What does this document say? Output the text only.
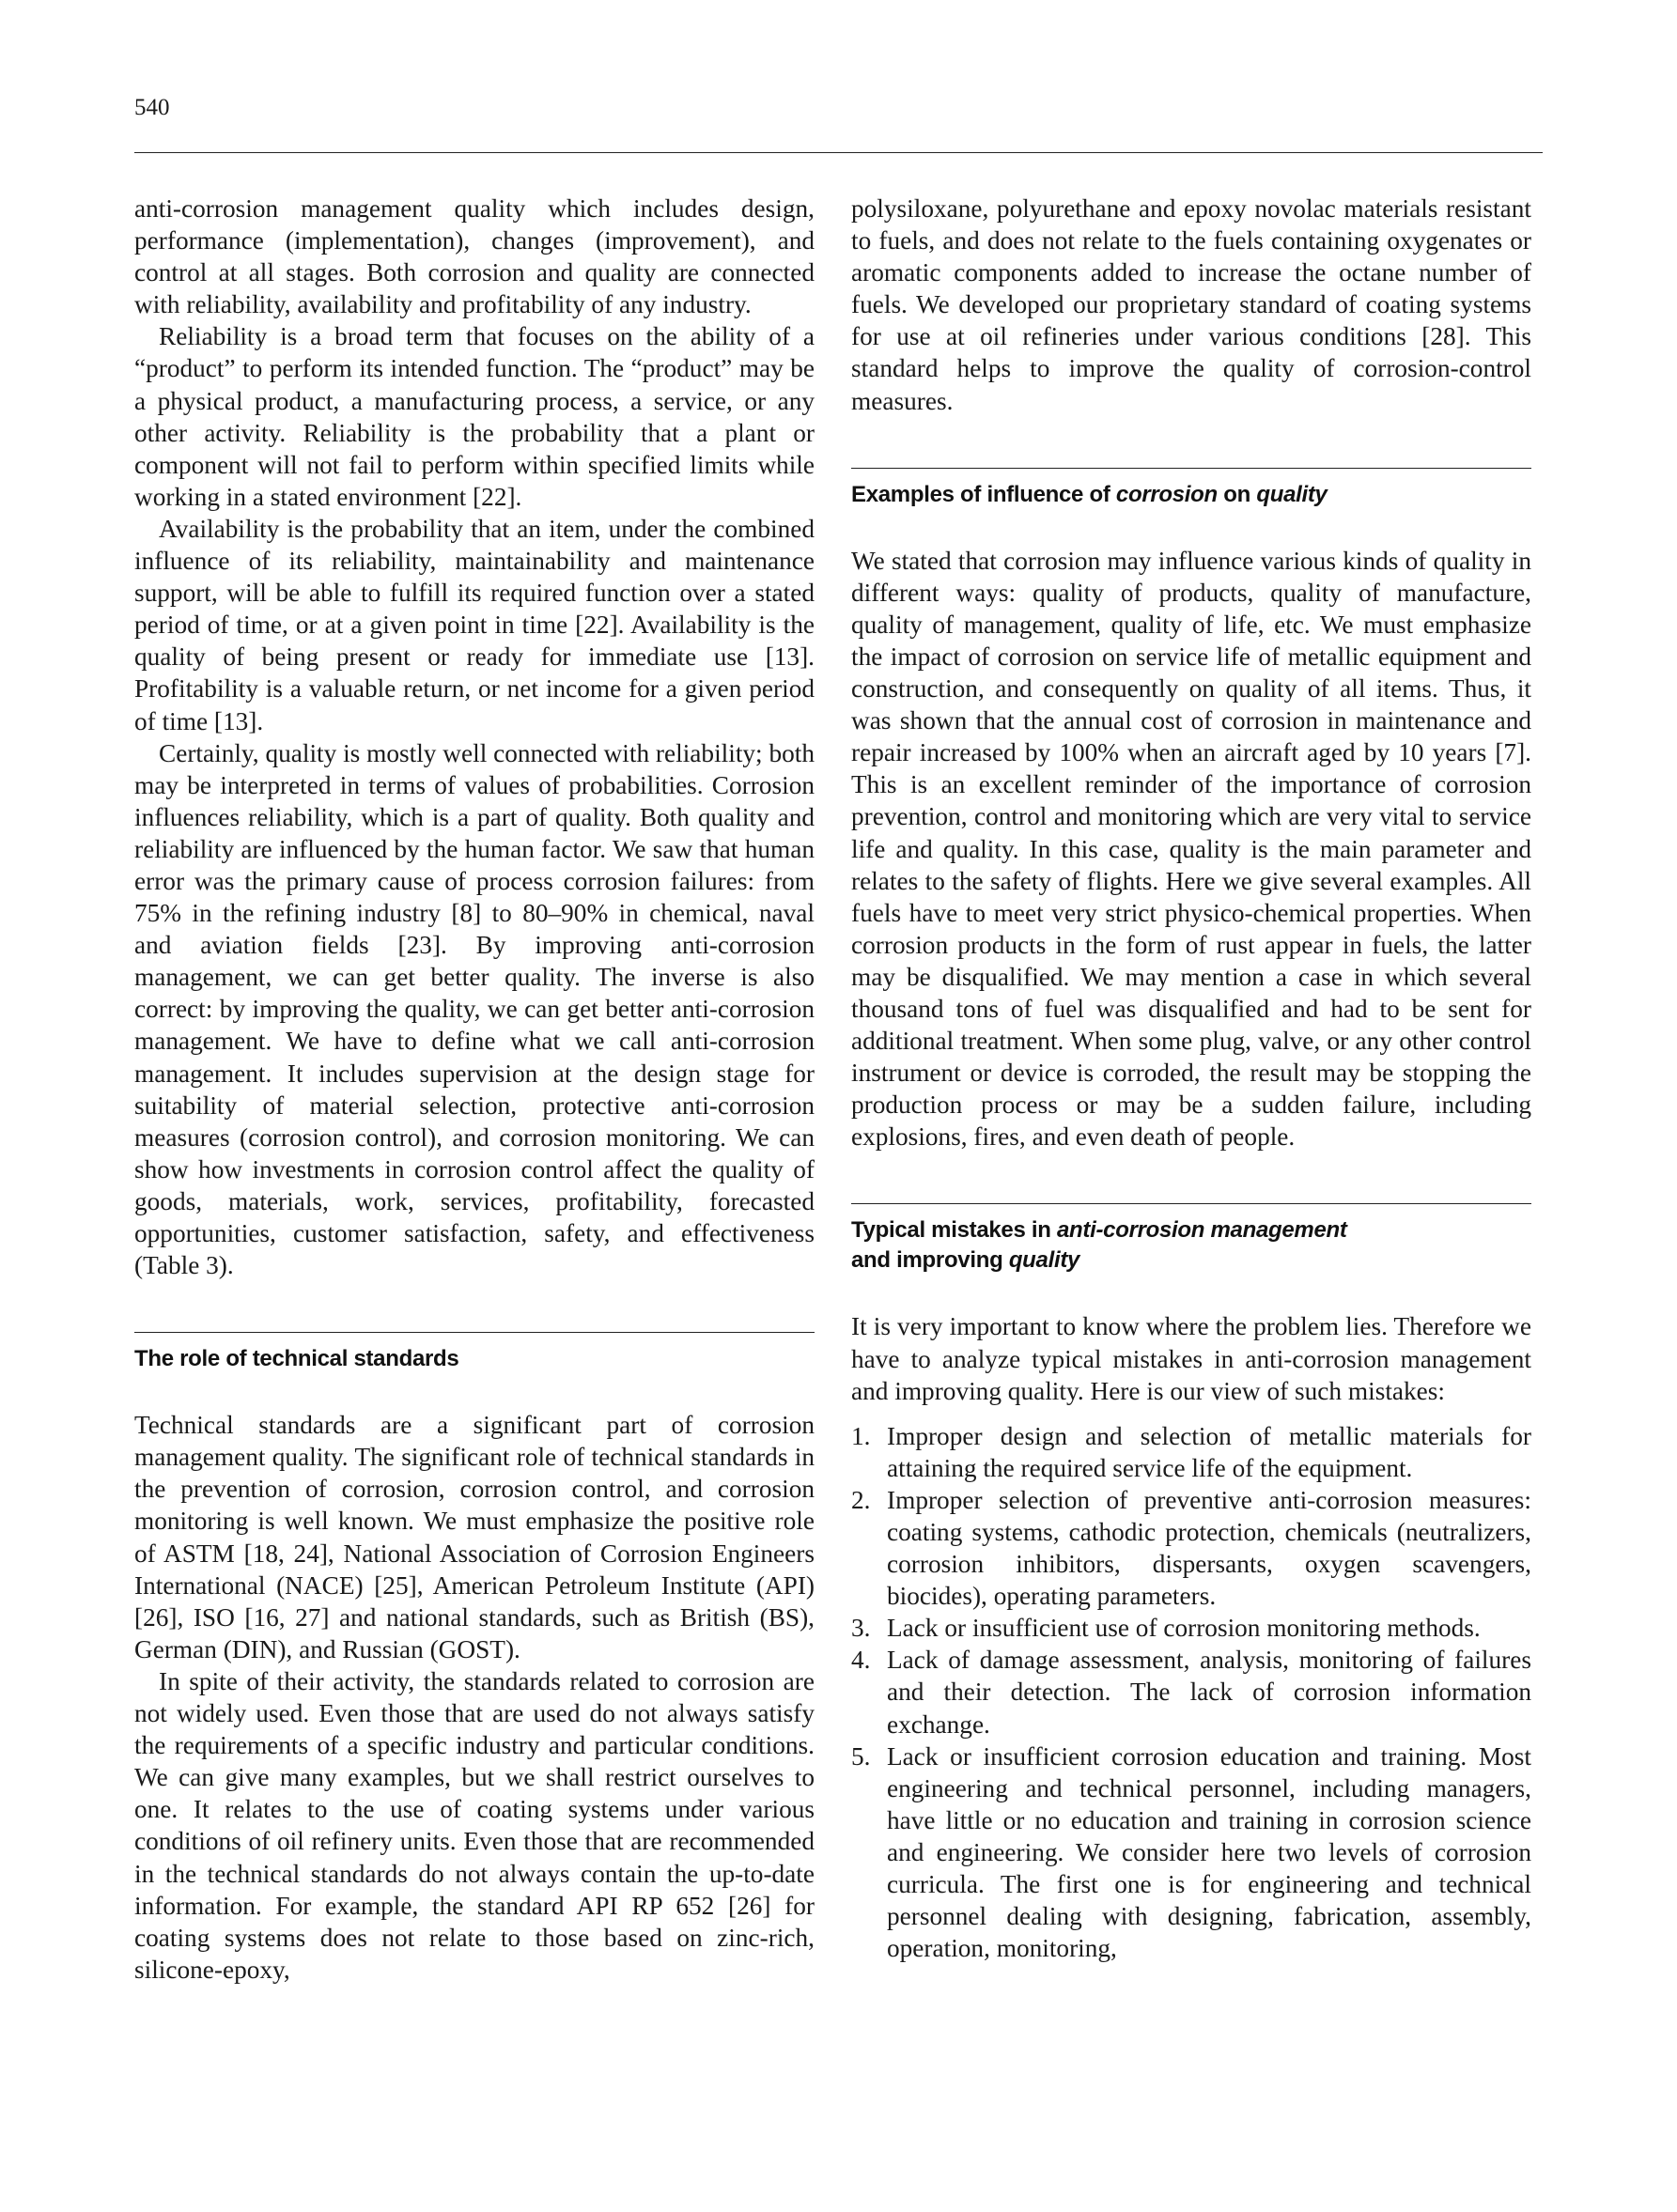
540

anti-corrosion management quality which includes design, performance (implementation), changes (improvement), and control at all stages. Both corrosion and quality are connected with reliability, availability and profitability of any industry.

Reliability is a broad term that focuses on the ability of a “product” to perform its intended function. The “product” may be a physical product, a manufacturing process, a service, or any other activity. Reliability is the probability that a plant or component will not fail to perform within specified limits while working in a stated environment [22].

Availability is the probability that an item, under the combined influence of its reliability, maintainability and maintenance support, will be able to fulfill its required function over a stated period of time, or at a given point in time [22]. Availability is the quality of being present or ready for immediate use [13]. Profitability is a valuable return, or net income for a given period of time [13].

Certainly, quality is mostly well connected with reliability; both may be interpreted in terms of values of probabilities. Corrosion influences reliability, which is a part of quality. Both quality and reliability are influenced by the human factor. We saw that human error was the primary cause of process corrosion failures: from 75% in the refining industry [8] to 80–90% in chemical, naval and aviation fields [23]. By improving anti-corrosion management, we can get better quality. The inverse is also correct: by improving the quality, we can get better anti-corrosion management. We have to define what we call anti-corrosion management. It includes supervision at the design stage for suitability of material selection, protective anti-corrosion measures (corrosion control), and corrosion monitoring. We can show how investments in corrosion control affect the quality of goods, materials, work, services, profitability, forecasted opportunities, customer satisfaction, safety, and effectiveness (Table 3).

The role of technical standards

Technical standards are a significant part of corrosion management quality. The significant role of technical standards in the prevention of corrosion, corrosion control, and corrosion monitoring is well known. We must emphasize the positive role of ASTM [18, 24], National Association of Corrosion Engineers International (NACE) [25], American Petroleum Institute (API) [26], ISO [16, 27] and national standards, such as British (BS), German (DIN), and Russian (GOST).

In spite of their activity, the standards related to corrosion are not widely used. Even those that are used do not always satisfy the requirements of a specific industry and particular conditions. We can give many examples, but we shall restrict ourselves to one. It relates to the use of coating systems under various conditions of oil refinery units. Even those that are recommended in the technical standards do not always contain the up-to-date information. For example, the standard API RP 652 [26] for coating systems does not relate to those based on zinc-rich, silicone-epoxy,

polysiloxane, polyurethane and epoxy novolac materials resistant to fuels, and does not relate to the fuels containing oxygenates or aromatic components added to increase the octane number of fuels. We developed our proprietary standard of coating systems for use at oil refineries under various conditions [28]. This standard helps to improve the quality of corrosion-control measures.

Examples of influence of corrosion on quality

We stated that corrosion may influence various kinds of quality in different ways: quality of products, quality of manufacture, quality of management, quality of life, etc. We must emphasize the impact of corrosion on service life of metallic equipment and construction, and consequently on quality of all items. Thus, it was shown that the annual cost of corrosion in maintenance and repair increased by 100% when an aircraft aged by 10 years [7]. This is an excellent reminder of the importance of corrosion prevention, control and monitoring which are very vital to service life and quality. In this case, quality is the main parameter and relates to the safety of flights. Here we give several examples. All fuels have to meet very strict physico-chemical properties. When corrosion products in the form of rust appear in fuels, the latter may be disqualified. We may mention a case in which several thousand tons of fuel was disqualified and had to be sent for additional treatment. When some plug, valve, or any other control instrument or device is corroded, the result may be stopping the production process or may be a sudden failure, including explosions, fires, and even death of people.

Typical mistakes in anti-corrosion management
and improving quality

It is very important to know where the problem lies. Therefore we have to analyze typical mistakes in anti-corrosion management and improving quality. Here is our view of such mistakes:

1. Improper design and selection of metallic materials for attaining the required service life of the equipment.

2. Improper selection of preventive anti-corrosion measures: coating systems, cathodic protection, chemicals (neutralizers, corrosion inhibitors, dispersants, oxygen scavengers, biocides), operating parameters.

3. Lack or insufficient use of corrosion monitoring methods.

4. Lack of damage assessment, analysis, monitoring of failures and their detection. The lack of corrosion information exchange.

5. Lack or insufficient corrosion education and training. Most engineering and technical personnel, including managers, have little or no education and training in corrosion science and engineering. We consider here two levels of corrosion curricula. The first one is for engineering and technical personnel dealing with designing, fabrication, assembly, operation, monitoring,
